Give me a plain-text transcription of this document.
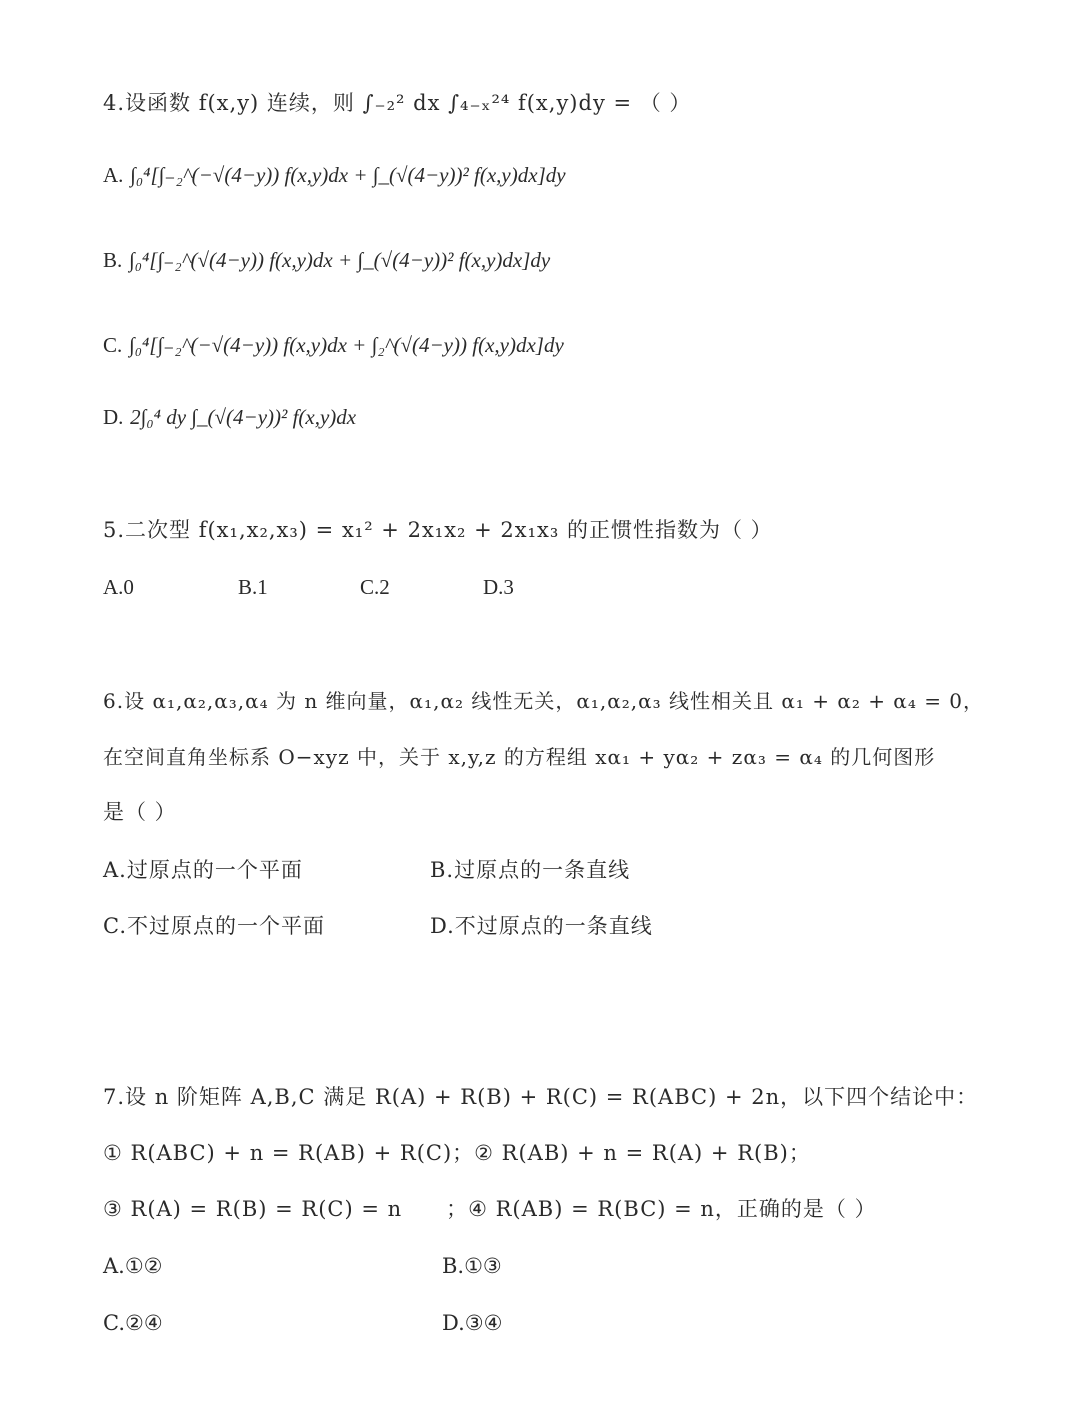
4.设函数 f(x,y) 连续，则 ∫₋₂² dx ∫₄₋ₓ²⁴ f(x,y)dy = （ ）
A. ∫₀⁴[∫₋₂^(−√(4−y)) f(x,y)dx + ∫_(√(4−y))² f(x,y)dx]dy
B. ∫₀⁴[∫₋₂^(√(4−y)) f(x,y)dx + ∫_(√(4−y))² f(x,y)dx]dy
C. ∫₀⁴[∫₋₂^(−√(4−y)) f(x,y)dx + ∫₂^(√(4−y)) f(x,y)dx]dy
D. 2∫₀⁴ dy ∫_(√(4−y))² f(x,y)dx
5.二次型 f(x₁,x₂,x₃) = x₁² + 2x₁x₂ + 2x₁x₃ 的正惯性指数为（ ）
A.0	B.1	C.2	D.3
6.设 α₁,α₂,α₃,α₄ 为 n 维向量，α₁,α₂ 线性无关，α₁,α₂,α₃ 线性相关且 α₁ + α₂ + α₄ = 0，
在空间直角坐标系 O−xyz 中，关于 x,y,z 的方程组 xα₁ + yα₂ + zα₃ = α₄ 的几何图形
是（ ）
A.过原点的一个平面	B.过原点的一条直线
C.不过原点的一个平面	D.不过原点的一条直线
7.设 n 阶矩阵 A,B,C 满足 R(A) + R(B) + R(C) = R(ABC) + 2n，以下四个结论中：
① R(ABC) + n = R(AB) + R(C)；② R(AB) + n = R(A) + R(B)；
③ R(A) = R(B) = R(C) = n　　；④ R(AB) = R(BC) = n，正确的是（ ）
A.①②	B.①③
C.②④	D.③④
